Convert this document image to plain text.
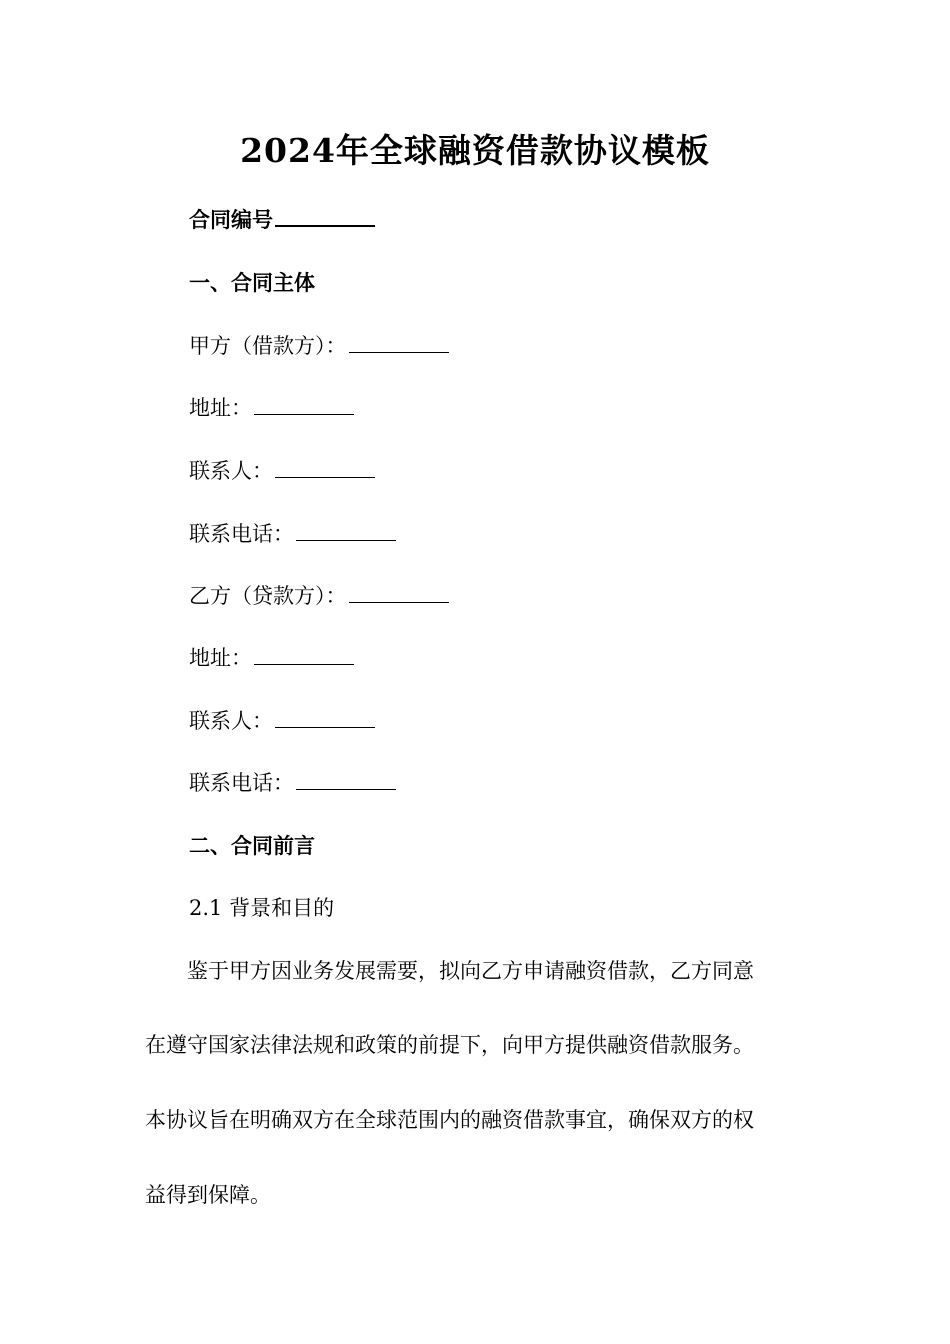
2024年全球融资借款协议模板
合同编号
一、合同主体
甲方（借款方）：
地址：
联系人：
联系电话：
乙方（贷款方）：
地址：
联系人：
联系电话：
二、合同前言
2.1 背景和目的
　　鉴于甲方因业务发展需要，拟向乙方申请融资借款，乙方同意
在遵守国家法律法规和政策的前提下，向甲方提供融资借款服务。
本协议旨在明确双方在全球范围内的融资借款事宜，确保双方的权
益得到保障。
